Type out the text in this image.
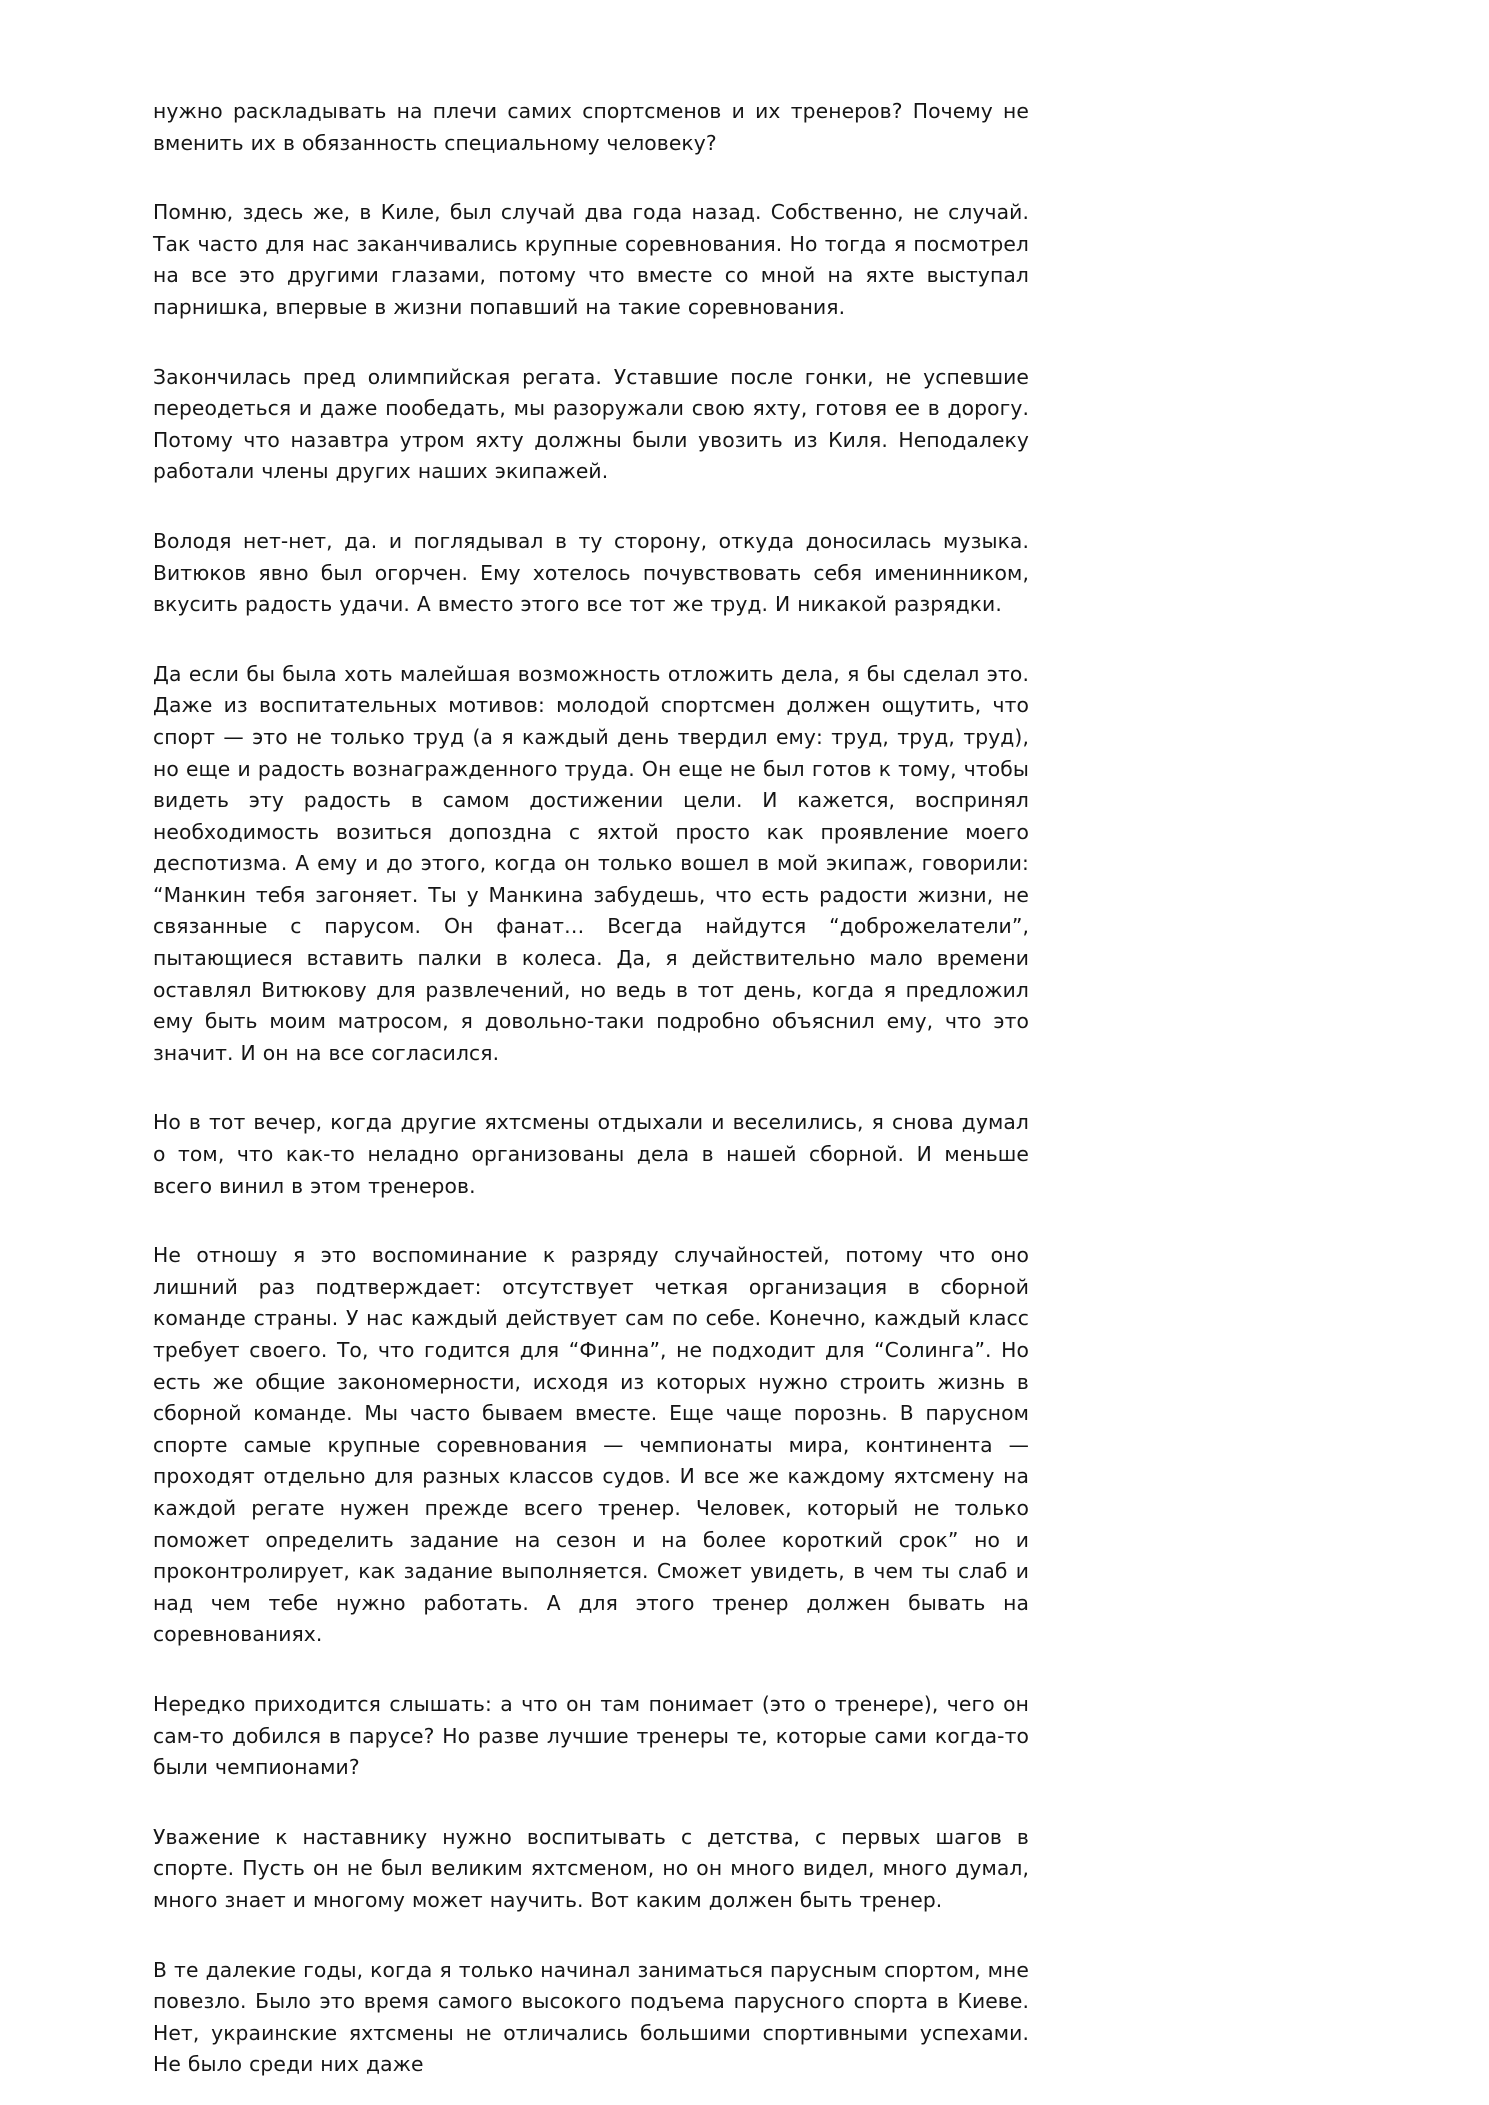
нужно раскладывать на плечи самих спортсменов и их тренеров? Почему не вменить их в обязанность специальному человеку?

Помню, здесь же, в Киле, был случай два года назад. Собственно, не случай. Так часто для нас заканчивались крупные соревнования. Но тогда я посмотрел на все это другими глазами, потому что вместе со мной на яхте выступал парнишка, впервые в жизни попавший на такие соревнования.

Закончилась пред олимпийская регата. Уставшие после гонки, не успевшие переодеться и даже пообедать, мы разоружали свою яхту, готовя ее в дорогу. Потому что назавтра утром яхту должны были увозить из Киля. Неподалеку работали члены других наших экипажей.

Володя нет-нет, да. и поглядывал в ту сторону, откуда доносилась музыка. Витюков явно был огорчен. Ему хотелось почувствовать себя именинником, вкусить радость удачи. А вместо этого все тот же труд. И никакой разрядки.

Да если бы была хоть малейшая возможность отложить дела, я бы сделал это. Даже из воспитательных мотивов: молодой спортсмен должен ощутить, что спорт — это не только труд (а я каждый день твердил ему: труд, труд, труд), но еще и радость вознагражденного труда. Он еще не был готов к тому, чтобы видеть эту радость в самом достижении цели. И кажется, воспринял необходимость возиться допоздна с яхтой просто как проявление моего деспотизма. А ему и до этого, когда он только вошел в мой экипаж, говорили: “Манкин тебя загоняет. Ты у Манкина забудешь, что есть радости жизни, не связанные с парусом. Он фанат… Всегда найдутся “доброжелатели”, пытающиеся вставить палки в колеса. Да, я действительно мало времени оставлял Витюкову для развлечений, но ведь в тот день, когда я предложил ему быть моим матросом, я довольно-таки подробно объяснил ему, что это значит. И он на все согласился.

Но в тот вечер, когда другие яхтсмены отдыхали и веселились, я снова думал о том, что как-то неладно организованы дела в нашей сборной. И меньше всего винил в этом тренеров.

Не отношу я это воспоминание к разряду случайностей, потому что оно лишний раз подтверждает: отсутствует четкая организация в сборной команде страны. У нас каждый действует сам по себе. Конечно, каждый класс требует своего. То, что годится для “Финна”, не подходит для “Солинга”. Но есть же общие закономерности, исходя из которых нужно строить жизнь в сборной команде. Мы часто бываем вместе. Еще чаще порознь. В парусном спорте самые крупные соревнования — чемпионаты мира, континента — проходят отдельно для разных классов судов. И все же каждому яхтсмену на каждой регате нужен прежде всего тренер. Человек, который не только поможет определить задание на сезон и на более короткий срок” но и проконтролирует, как задание выполняется. Сможет увидеть, в чем ты слаб и над чем тебе нужно работать. А для этого тренер должен бывать на соревнованиях.

Нередко приходится слышать: а что он там понимает (это о тренере), чего он сам-то добился в парусе? Но разве лучшие тренеры те, которые сами когда-то были чемпионами?

Уважение к наставнику нужно воспитывать с детства, с первых шагов в спорте. Пусть он не был великим яхтсменом, но он много видел, много думал, много знает и многому может научить. Вот каким должен быть тренер.

В те далекие годы, когда я только начинал заниматься парусным спортом, мне повезло. Было это время самого высокого подъема парусного спорта в Киеве. Нет, украинские яхтсмены не отличались большими спортивными успехами. Не было среди них даже
